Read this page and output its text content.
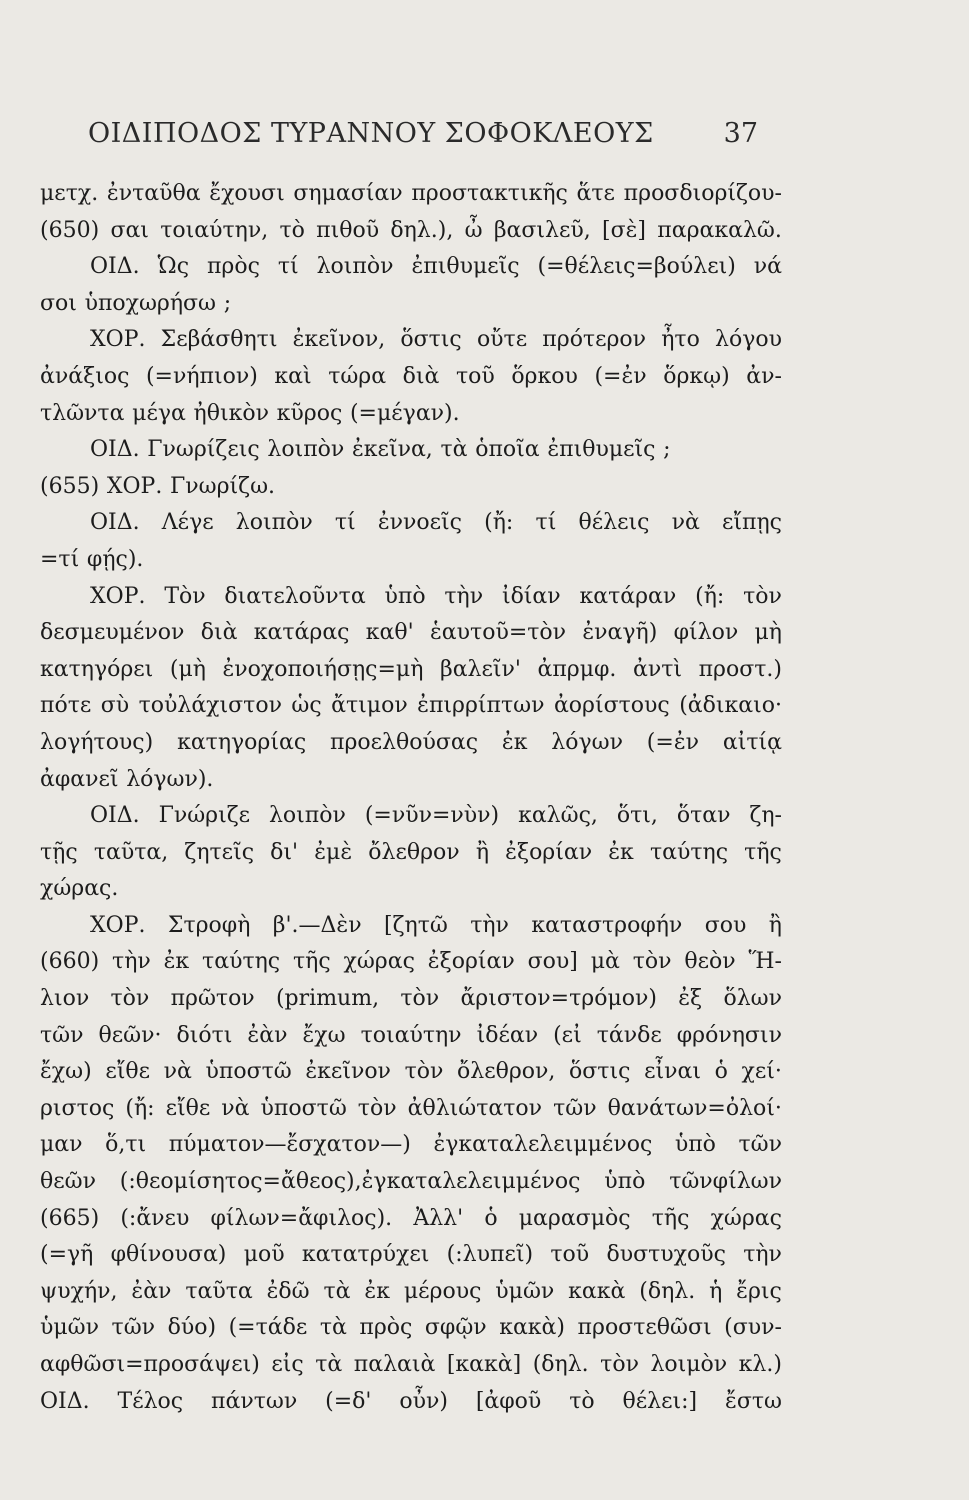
ΟΙΔΙΠΟΔΟΣ ΤΥΡΑΝΝΟΥ ΣΟΦΟΚΛΕΟΥΣ	37
μετχ. ἐνταῦθα ἔχουσι σημασίαν προστακτικῆς ἅτε προσδιορίζου-
(650) σαι τοιαύτην, τὸ πιθοῦ δηλ.), ὦ βασιλεῦ, [σὲ] παρακαλῶ.
ΟΙΔ. Ὡς πρὸς τί λοιπὸν ἐπιθυμεῖς (=θέλεις=βούλει) νά
σοι ὑποχωρήσω ;
ΧΟΡ. Σεβάσθητι ἐκεῖνον, ὅστις οὔτε πρότερον ἦτο λόγου
ἀνάξιος (=νήπιον) καὶ τώρα διὰ τοῦ ὅρκου (=ἐν ὅρκῳ) ἀν-
τλῶντα μέγα ἠθικὸν κῦρος (=μέγαν).
ΟΙΔ. Γνωρίζεις λοιπὸν ἐκεῖνα, τὰ ὁποῖα ἐπιθυμεῖς ;
(655) ΧΟΡ. Γνωρίζω.
ΟΙΔ. Λέγε λοιπὸν τί ἐννοεῖς (ἤ: τί θέλεις νὰ εἴπῃς
=τί φῄς).
ΧΟΡ. Τὸν διατελοῦντα ὑπὸ τὴν ἰδίαν κατάραν (ἤ: τὸν
δεσμευμένον διὰ κατάρας καθ' ἑαυτοῦ=τὸν ἐναγῆ) φίλον μὴ
κατηγόρει (μὴ ἐνοχοποιήσῃς=μὴ βαλεῖν' ἀπρμφ. ἀντὶ προστ.)
πότε σὺ τοὐλάχιστον ὡς ἄτιμον ἐπιρρίπτων ἀορίστους (ἀδικαιο·
λογήτους) κατηγορίας προελθούσας ἐκ λόγων (=ἐν αἰτίᾳ
ἀφανεῖ λόγων).
ΟΙΔ. Γνώριζε λοιπὸν (=νῦν=νὺν) καλῶς, ὅτι, ὅταν ζη-
τῇς ταῦτα, ζητεῖς δι' ἐμὲ ὄλεθρον ἢ ἐξορίαν ἐκ ταύτης τῆς
χώρας.
ΧΟΡ. Στροφὴ β'.—Δὲν [ζητῶ τὴν καταστροφήν σου ἢ
(660) τὴν ἐκ ταύτης τῆς χώρας ἐξορίαν σου] μὰ τὸν θεὸν Ἥ-
λιον τὸν πρῶτον (primum, τὸν ἄριστον=τρόμον) ἐξ ὅλων
τῶν θεῶν· διότι ἐὰν ἔχω τοιαύτην ἰδέαν (εἰ τάνδε φρόνησιν
ἔχω) εἴθε νὰ ὑποστῶ ἐκεῖνον τὸν ὄλεθρον, ὅστις εἶναι ὁ χεί·
ριστος (ἤ: εἴθε νὰ ὑποστῶ τὸν ἀθλιώτατον τῶν θανάτων=ὀλοί·
μαν ὅ,τι πύματον—ἔσχατον—) ἐγκαταλελειμμένος ὑπὸ τῶν
θεῶν (:θεομίσητος=ἄθεος),ἐγκαταλελειμμένος ὑπὸ τῶνφίλων
(665) (:ἄνευ φίλων=ἄφιλος). Ἀλλ' ὁ μαρασμὸς τῆς χώρας
(=γῆ φθίνουσα) μοῦ κατατρύχει (:λυπεῖ) τοῦ δυστυχοῦς τὴν
ψυχήν, ἐὰν ταῦτα ἐδῶ τὰ ἐκ μέρους ὑμῶν κακὰ (δηλ. ἡ ἔρις
ὑμῶν τῶν δύο) (=τάδε τὰ πρὸς σφῷν κακὰ) προστεθῶσι (συν-
αφθῶσι=προσάψει) εἰς τὰ παλαιὰ [κακὰ] (δηλ. τὸν λοιμὸν κλ.)
ΟΙΔ. Τέλος πάντων (=δ' οὖν) [ἀφοῦ τὸ θέλει:] ἔστω
